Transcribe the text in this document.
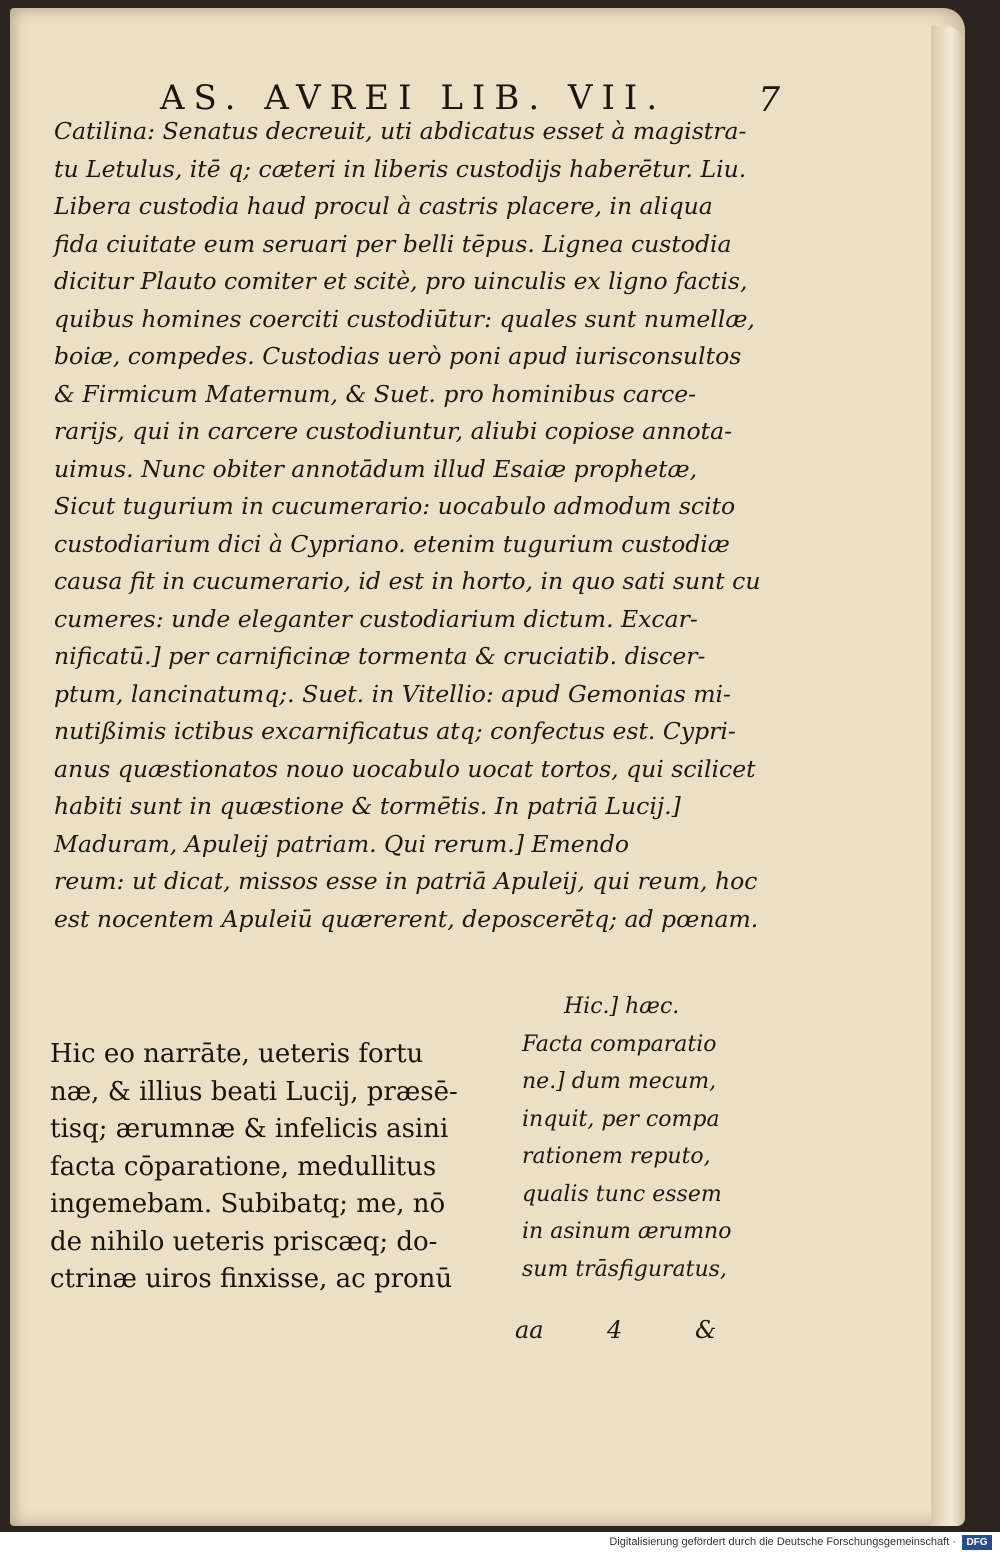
AS. AVREI LIB. VII.	7
Catilina: Senatus decreuit, uti abdicatus esset à magistra-
tu Letulus, itē q; cæteri in liberis custodijs haberētur. Liu.
Libera custodia haud procul à castris placere, in aliqua
fida ciuitate eum seruari per belli tēpus. Lignea custodia
dicitur Plauto comiter et scitè, pro uinculis ex ligno factis,
quibus homines coerciti custodiūtur: quales sunt numellæ,
boiæ, compedes. Custodias uerò poni apud iurisconsultos
& Firmicum Maternum, & Suet. pro hominibus carce-
rarijs, qui in carcere custodiuntur, aliubi copiose annota-
uimus. Nunc obiter annotādum illud Esaiæ prophetæ,
Sicut tugurium in cucumerario: uocabulo admodum scito
custodiarium dici à Cypriano. etenim tugurium custodiæ
causa fit in cucumerario, id est in horto, in quo sati sunt cu
cumeres: unde eleganter custodiarium dictum. Excar-
nificatū.] per carnificinæ tormenta & cruciatib. discer-
ptum, lancinatumq;. Suet. in Vitellio: apud Gemonias mi-
nutißimis ictibus excarnificatus atq; confectus est. Cypri-
anus quæstionatos nouo uocabulo uocat tortos, qui scilicet
habiti sunt in quæstione & tormētis. In patriā Lucij.]
Maduram, Apuleij patriam. Qui rerum.] Emendo
reum: ut dicat, missos esse in patriā Apuleij, qui reum, hoc
est nocentem Apuleiū quærerent, deposcerētq; ad pœnam.
Hic.] hæc.
Facta comparatio
ne.] dum mecum,
inquit, per compa
rationem reputo,
qualis tunc essem
in asinum ærumno
sum trāsfiguratus,
Hic eo narrāte, ueteris fortu
næ, & illius beati Lucij, præsē-
tisq; ærumnæ & infelicis asini
facta cōparatione, medullitus
ingemebam. Subibatq; me, nō
de nihilo ueteris priscæq; do-
ctrinæ uiros finxisse, ac pronū
aa	4	&
Digitalisierung gefördert durch die Deutsche Forschungsgemeinschaft ·	DFG
